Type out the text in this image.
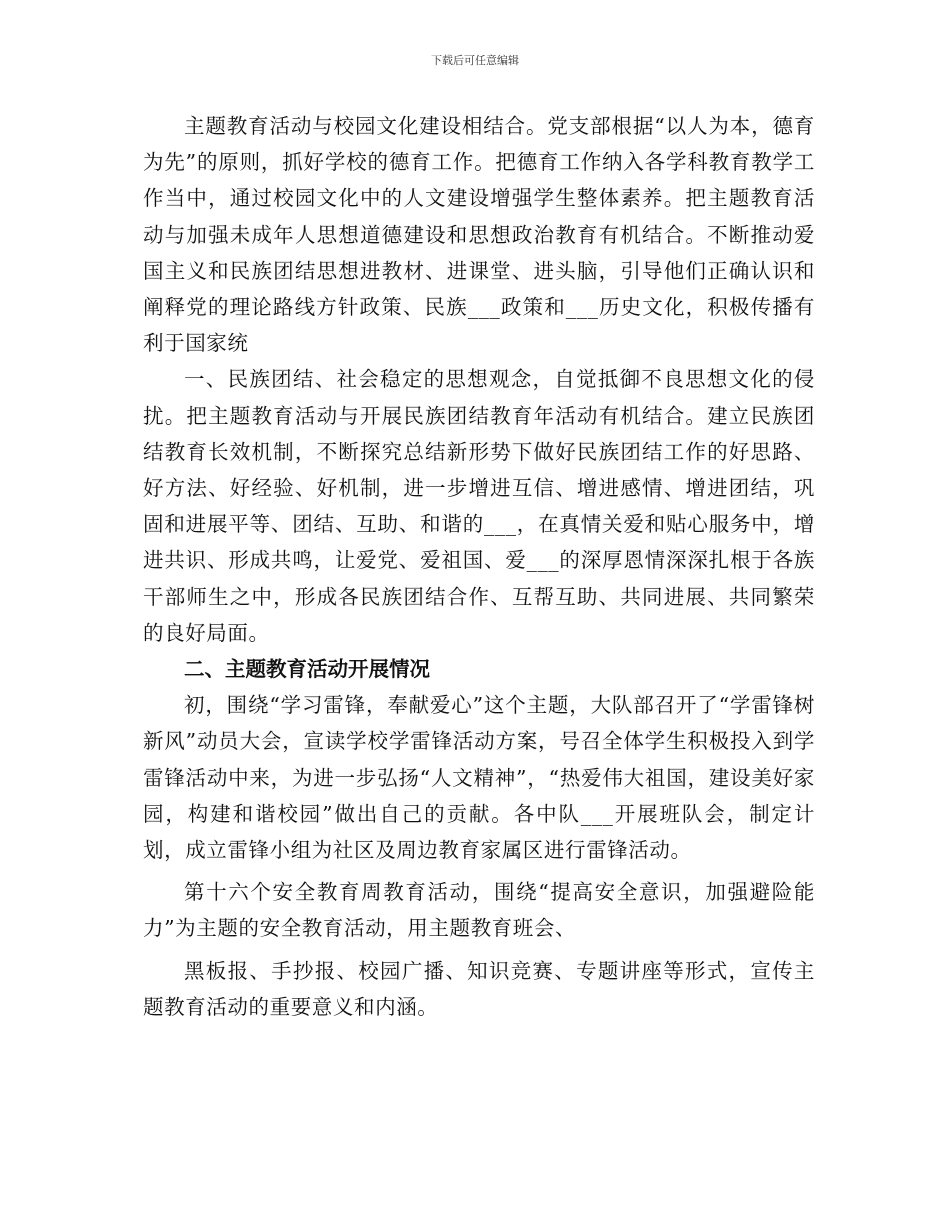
下载后可任意编辑

主题教育活动与校园文化建设相结合。党支部根据“以人为本，德育为先”的原则，抓好学校的德育工作。把德育工作纳入各学科教育教学工作当中，通过校园文化中的人文建设增强学生整体素养。把主题教育活动与加强未成年人思想道德建设和思想政治教育有机结合。不断推动爱国主义和民族团结思想进教材、进课堂、进头脑，引导他们正确认识和阐释党的理论路线方针政策、民族___政策和___历史文化，积极传播有利于国家统

一、民族团结、社会稳定的思想观念，自觉抵御不良思想文化的侵扰。把主题教育活动与开展民族团结教育年活动有机结合。建立民族团结教育长效机制，不断探究总结新形势下做好民族团结工作的好思路、好方法、好经验、好机制，进一步增进互信、增进感情、增进团结，巩固和进展平等、团结、互助、和谐的___，在真情关爱和贴心服务中，增进共识、形成共鸣，让爱党、爱祖国、爱___的深厚恩情深深扎根于各族干部师生之中，形成各民族团结合作、互帮互助、共同进展、共同繁荣的良好局面。

二、主题教育活动开展情况

初，围绕“学习雷锋，奉献爱心”这个主题，大队部召开了“学雷锋树新风”动员大会，宣读学校学雷锋活动方案，号召全体学生积极投入到学雷锋活动中来，为进一步弘扬“人文精神”，“热爱伟大祖国，建设美好家园，构建和谐校园”做出自己的贡献。各中队___开展班队会，制定计划，成立雷锋小组为社区及周边教育家属区进行雷锋活动。

第十六个安全教育周教育活动，围绕“提高安全意识，加强避险能力”为主题的安全教育活动，用主题教育班会、

黑板报、手抄报、校园广播、知识竞赛、专题讲座等形式，宣传主题教育活动的重要意义和内涵。
